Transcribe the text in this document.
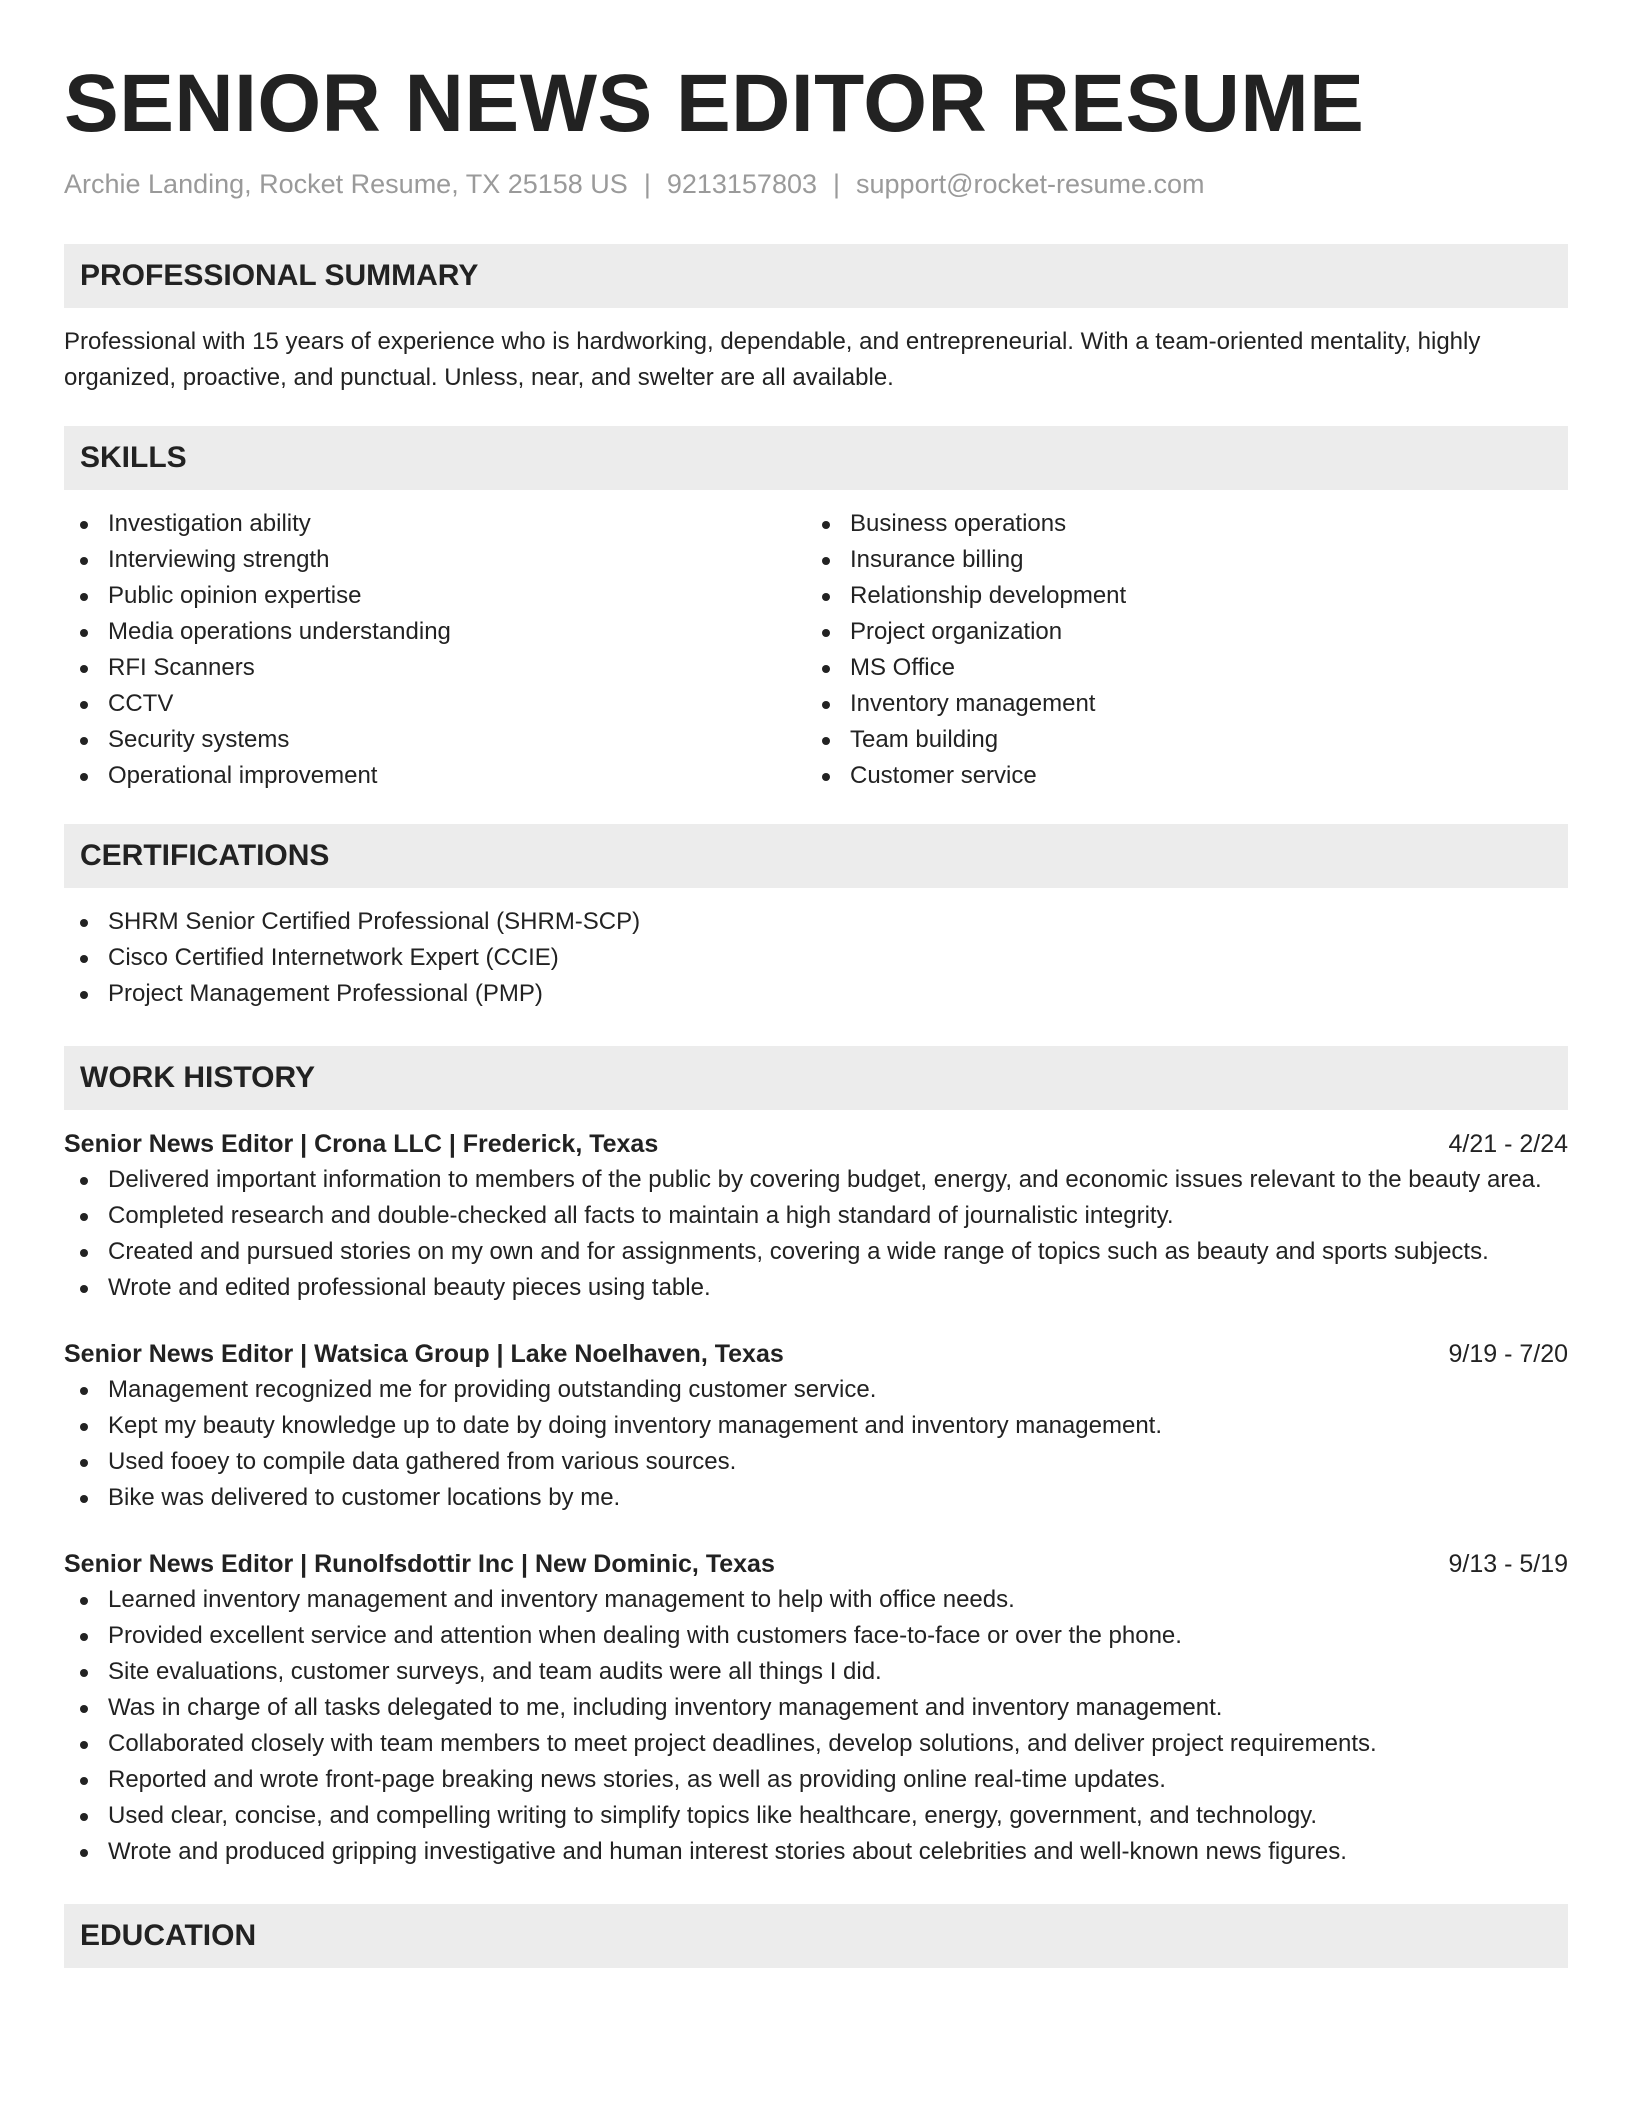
SENIOR NEWS EDITOR RESUME
Archie Landing, Rocket Resume, TX 25158 US | 9213157803 | support@rocket-resume.com
PROFESSIONAL SUMMARY

Professional with 15 years of experience who is hardworking, dependable, and entrepreneurial. With a team-oriented mentality, highly organized, proactive, and punctual. Unless, near, and swelter are all available.

SKILLS
Investigation ability
Interviewing strength
Public opinion expertise
Media operations understanding
RFI Scanners
CCTV
Security systems
Operational improvement
Business operations
Insurance billing
Relationship development
Project organization
MS Office
Inventory management
Team building
Customer service
CERTIFICATIONS
SHRM Senior Certified Professional (SHRM-SCP)
Cisco Certified Internetwork Expert (CCIE)
Project Management Professional (PMP)
WORK HISTORY
Senior News Editor | Crona LLC | Frederick, Texas	4/21 - 2/24
Delivered important information to members of the public by covering budget, energy, and economic issues relevant to the beauty area.
Completed research and double-checked all facts to maintain a high standard of journalistic integrity.
Created and pursued stories on my own and for assignments, covering a wide range of topics such as beauty and sports subjects.
Wrote and edited professional beauty pieces using table.
Senior News Editor | Watsica Group | Lake Noelhaven, Texas	9/19 - 7/20
Management recognized me for providing outstanding customer service.
Kept my beauty knowledge up to date by doing inventory management and inventory management.
Used fooey to compile data gathered from various sources.
Bike was delivered to customer locations by me.
Senior News Editor | Runolfsdottir Inc | New Dominic, Texas	9/13 - 5/19
Learned inventory management and inventory management to help with office needs.
Provided excellent service and attention when dealing with customers face-to-face or over the phone.
Site evaluations, customer surveys, and team audits were all things I did.
Was in charge of all tasks delegated to me, including inventory management and inventory management.
Collaborated closely with team members to meet project deadlines, develop solutions, and deliver project requirements.
Reported and wrote front-page breaking news stories, as well as providing online real-time updates.
Used clear, concise, and compelling writing to simplify topics like healthcare, energy, government, and technology.
Wrote and produced gripping investigative and human interest stories about celebrities and well-known news figures.
EDUCATION
